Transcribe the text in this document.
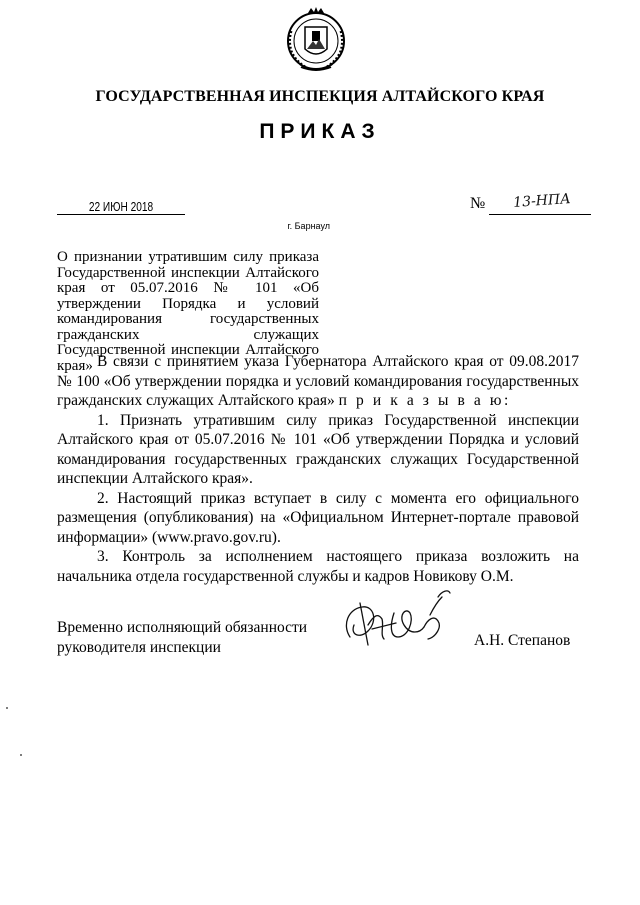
ГОСУДАРСТВЕННАЯ ИНСПЕКЦИЯ АЛТАЙСКОГО КРАЯ
ПРИКАЗ
22 ИЮН 2018	№	13-НПА
г. Барнаул
О признании утратившим силу приказа Государственной инспекции Алтайского края от 05.07.2016 № 101 «Об утверждении Порядка и условий командирования государственных гражданских служащих Государственной инспекции Алтайского края» В связи с принятием указа Губернатора Алтайского края от 09.08.2017 № 100 «Об утверждении порядка и условий командирования государственных гражданских служащих Алтайского края» п р и к а з ы в а ю:

1. Признать утратившим силу приказ Государственной инспекции Алтайского края от 05.07.2016 № 101 «Об утверждении Порядка и условий командирования государственных гражданских служащих Государственной инспекции Алтайского края».

2. Настоящий приказ вступает в силу с момента его официального размещения (опубликования) на «Официальном Интернет-портале правовой информации» (www.pravo.gov.ru).

3. Контроль за исполнением настоящего приказа возложить на начальника отдела государственной службы и кадров Новикову О.М.

Временно исполняющий обязанности
руководителя инспекции	А.Н. Степанов
